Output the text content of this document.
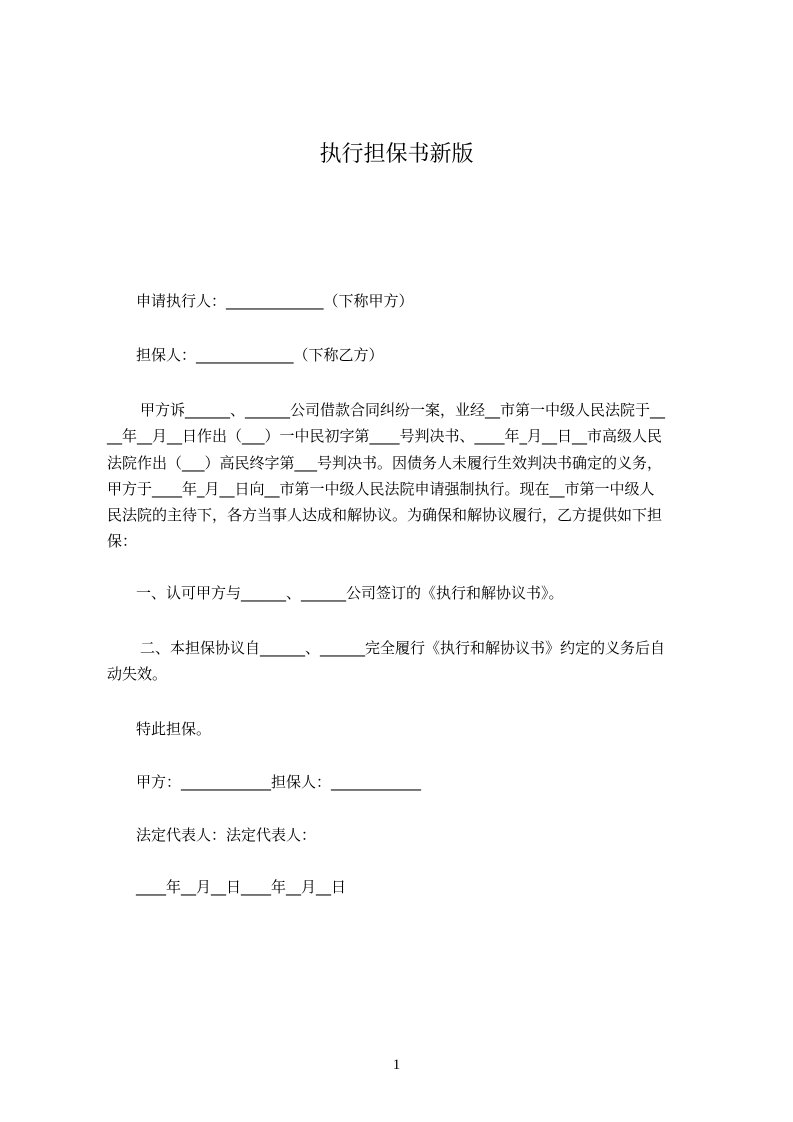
执行担保书新版
申请执行人：_____________（下称甲方）
担保人：_____________（下称乙方）
甲方诉______、______公司借款合同纠纷一案，业经__市第一中级人民法院于__
__年__月__日作出（___）一中民初字第____号判决书、____年_月__日__市高级人民
法院作出（___）高民终字第___号判决书。因债务人未履行生效判决书确定的义务，
甲方于____年_月__日向__市第一中级人民法院申请强制执行。现在__市第一中级人
民法院的主待下，各方当事人达成和解协议。为确保和解协议履行，乙方提供如下担
保：
一、认可甲方与______、______公司签订的《执行和解协议书》。
二、本担保协议自______、______完全履行《执行和解协议书》约定的义务后自
动失效。
特此担保。
甲方：____________担保人：____________
法定代表人：法定代表人：
____年__月__日____年__月__日
1
